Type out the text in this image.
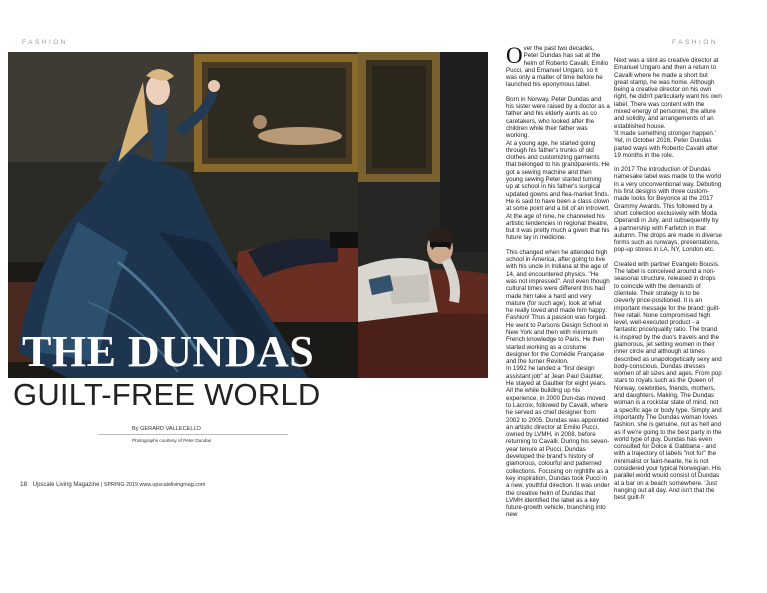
FASHION	FASHION
THE DUNDAS
GUILT-FREE WORLD
By GERARD VALLECELLO
Photographs courtesy of Peter Dundas
18 Upscale Living Magazine | SPRING 2019 www.upscalelivingmag.com

Over the past two decades, Peter Dundas has sat at the helm of Roberto Cavalli, Emilio Pucci, and Emanuel Ungaro, so it was only a matter of time before he launched his eponymous label.

Born in Norway, Peter Dundas and his sister were raised by a doctor as a father and his elderly aunts as co caretakers, who looked after the children while their father was working.
At a young age, he started going through his father's trunks of old clothes and customizing garments that belonged to his grandparents. He got a sewing machine and then young sewing Peter started turning up at school in his father's surgical updated gowns and flea-market finds. He is said to have been a class clown at some point and a bit of an introvert. At the age of nine, he channeled his artistic tendencies in regional theatre, but it was pretty much a given that his future lay in medicine.

This changed when he attended high school in America, after going to live with his uncle in Indiana at the age of 14, and encountered physics. "He was not impressed". And even though cultural times were different this had made him take a hard and very mature (for such age), look at what he really loved and made him happy: Fashion! Thus a passion was forged.
He went to Parsons Design School in New York and then with minimum French knowledge to Paris. He then started working as a costume designer for the Comédie Française and the Iurner Revilon.
In 1992 he landed a "first design assistant job" at Jean Paul Gaultier. He stayed at Gaultier for eight years. All the while building up his experience, in 2000 Dun-das moved to Lacroix, followed by Cavalli, where he served as chief designer from 2002 to 2005. Dundas was appointed an artistic director at Emilio Pucci, owned by LVMH, in 2008, before returning to Cavalli. During his seven-year tenure at Pucci, Dundas developed the brand's history of glamorous, colourful and patterned collections. Focusing on nightlife as a key inspiration, Dundas took Pucci in a new, youthful direction. It was under the creative helm of Dundas that LVMH identified the label as a key future-growth vehicle, branching into new

Next was a stint as creative director at Emanuel Ungaro and then a return to Cavalli where he made a short but great stamp, he was home. Although being a creative director on his own right, he didn't particularly want his own label. There was content with the mixed energy of personnel, the allure and solidity, and arrangements of an established house.
'It made something stronger happen.' Yet, in October 2016, Peter Dundas parted ways with Roberto Cavalli after 19 months in the role.

In 2017 The introduction of Dundas namesake label was made to the world in a very unconventional way. Debuting his first designs with three custom-made looks for Beyonce at the 2017 Grammy Awards. This followed by a short collection exclusively with Moda Operandi in July, and subsequently by a partnership with Farfetch in that autumn. The drops are made in diverse forms such as runways, presentations, pop-up stores in LA, NY, London etc.

Created with partner Evangelo Bousis. The label is conceived around a non-seasonal structure, released in drops to coincide with the demands of clientele. Their strategy is to be cleverly price-positioned. It is an important message for the brand: guilt-free retail. None compromised high level, well-executed product - a fantastic price/quality ratio. The brand is inspired by the duo's travels and the glamorous, jet setting women in their inner circle and although at times described as unapologetically sexy and body-conscious, Dundas dresses women of all sizes and ages. From pop stars to royals such as the Queen of Norway, celebrities, friends, mothers, and daughters. Making, The Dundas woman is a rockstar state of mind, not a specific age or body type. Simply and importantly The Dundas woman loves fashion, she is genuine, not as hell and as if we're going to the best party in the world type of guy. Dundas has even consulted for Dolce & Gabbana - and with a trajectory of labels "not for" the minimalist or faint-hearte, he is not considered your typical Norwegian. His parallel world would consist of Dundas at a bar on a beach somewhere. 'Just hanging out all day. And isn't that the best guilt-fr
